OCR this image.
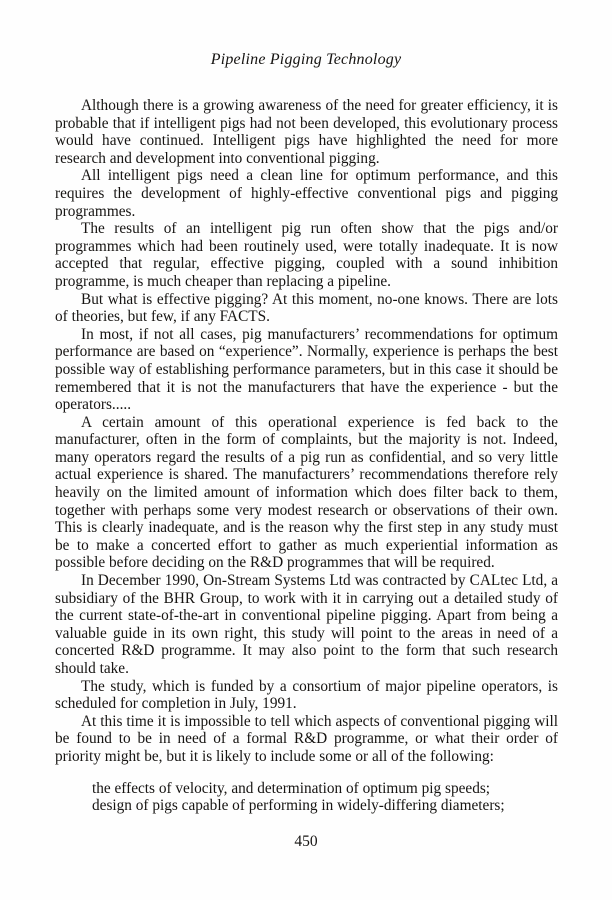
Pipeline Pigging Technology

Although there is a growing awareness of the need for greater efficiency, it is probable that if intelligent pigs had not been developed, this evolutionary process would have continued. Intelligent pigs have highlighted the need for more research and development into conventional pigging.

All intelligent pigs need a clean line for optimum performance, and this requires the development of highly-effective conventional pigs and pigging programmes.

The results of an intelligent pig run often show that the pigs and/or programmes which had been routinely used, were totally inadequate. It is now accepted that regular, effective pigging, coupled with a sound inhibition programme, is much cheaper than replacing a pipeline.

But what is effective pigging? At this moment, no-one knows. There are lots of theories, but few, if any FACTS.

In most, if not all cases, pig manufacturers’ recommendations for optimum performance are based on “experience”. Normally, experience is perhaps the best possible way of establishing performance parameters, but in this case it should be remembered that it is not the manufacturers that have the experience - but the operators.....

A certain amount of this operational experience is fed back to the manufacturer, often in the form of complaints, but the majority is not. Indeed, many operators regard the results of a pig run as confidential, and so very little actual experience is shared. The manufacturers’ recommendations therefore rely heavily on the limited amount of information which does filter back to them, together with perhaps some very modest research or observations of their own. This is clearly inadequate, and is the reason why the first step in any study must be to make a concerted effort to gather as much experiential information as possible before deciding on the R&D programmes that will be required.

In December 1990, On-Stream Systems Ltd was contracted by CALtec Ltd, a subsidiary of the BHR Group, to work with it in carrying out a detailed study of the current state-of-the-art in conventional pipeline pigging. Apart from being a valuable guide in its own right, this study will point to the areas in need of a concerted R&D programme. It may also point to the form that such research should take.

The study, which is funded by a consortium of major pipeline operators, is scheduled for completion in July, 1991.

At this time it is impossible to tell which aspects of conventional pigging will be found to be in need of a formal R&D programme, or what their order of priority might be, but it is likely to include some or all of the following:

the effects of velocity, and determination of optimum pig speeds;

design of pigs capable of performing in widely-differing diameters;

450
